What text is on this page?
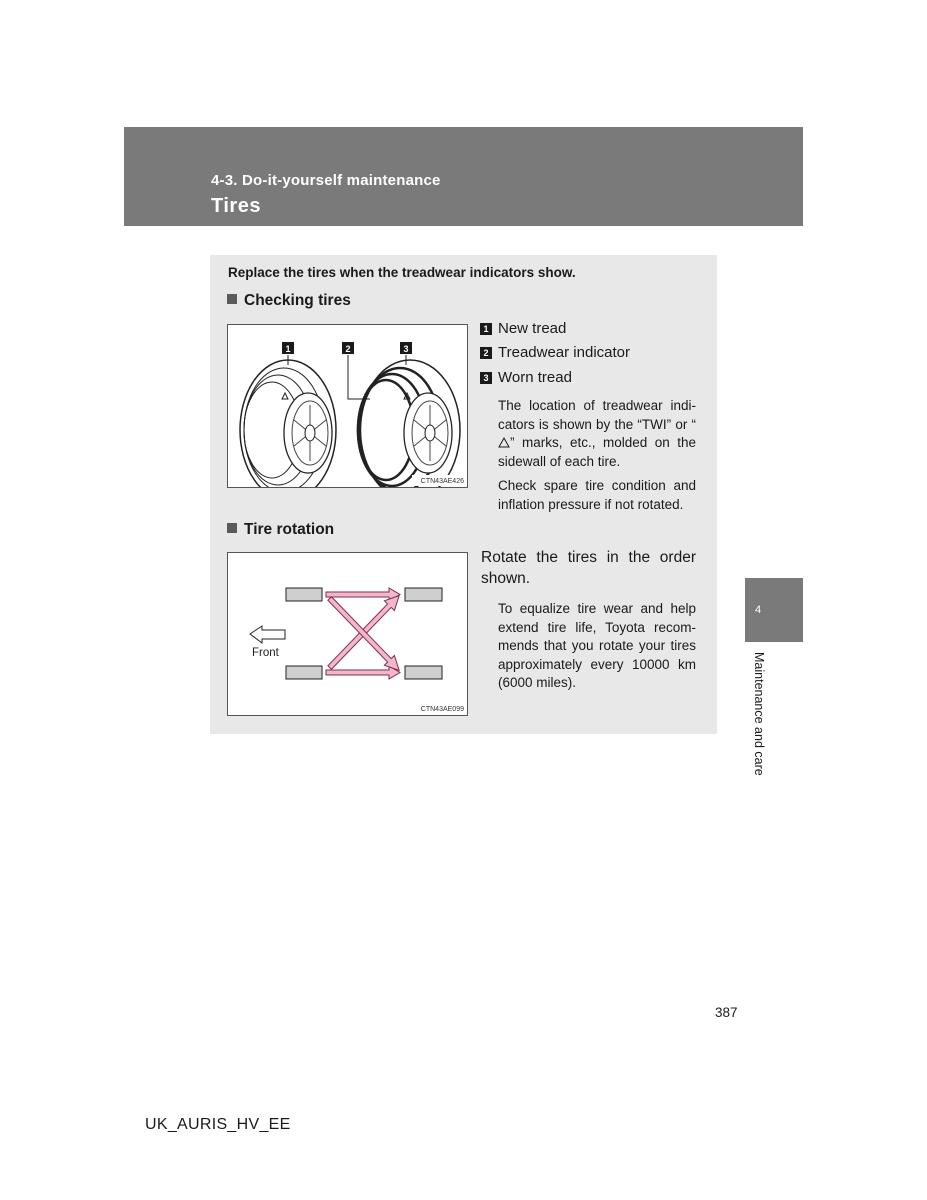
4-3. Do-it-yourself maintenance
Tires
Replace the tires when the treadwear indicators show.
Checking tires
1	2	3
CTN43AE426
1 New tread
2 Treadwear indicator
3 Worn tread
The location of treadwear indi-cators is shown by the “TWI” or “” marks, etc., molded on the sidewall of each tire.
Check spare tire condition and inflation pressure if not rotated.
Tire rotation
Front
CTN43AE099
Rotate the tires in the order shown.
To equalize tire wear and help extend tire life, Toyota recom-mends that you rotate your tires approximately every 10000 km (6000 miles).
4
Maintenance and care
387
UK_AURIS_HV_EE
